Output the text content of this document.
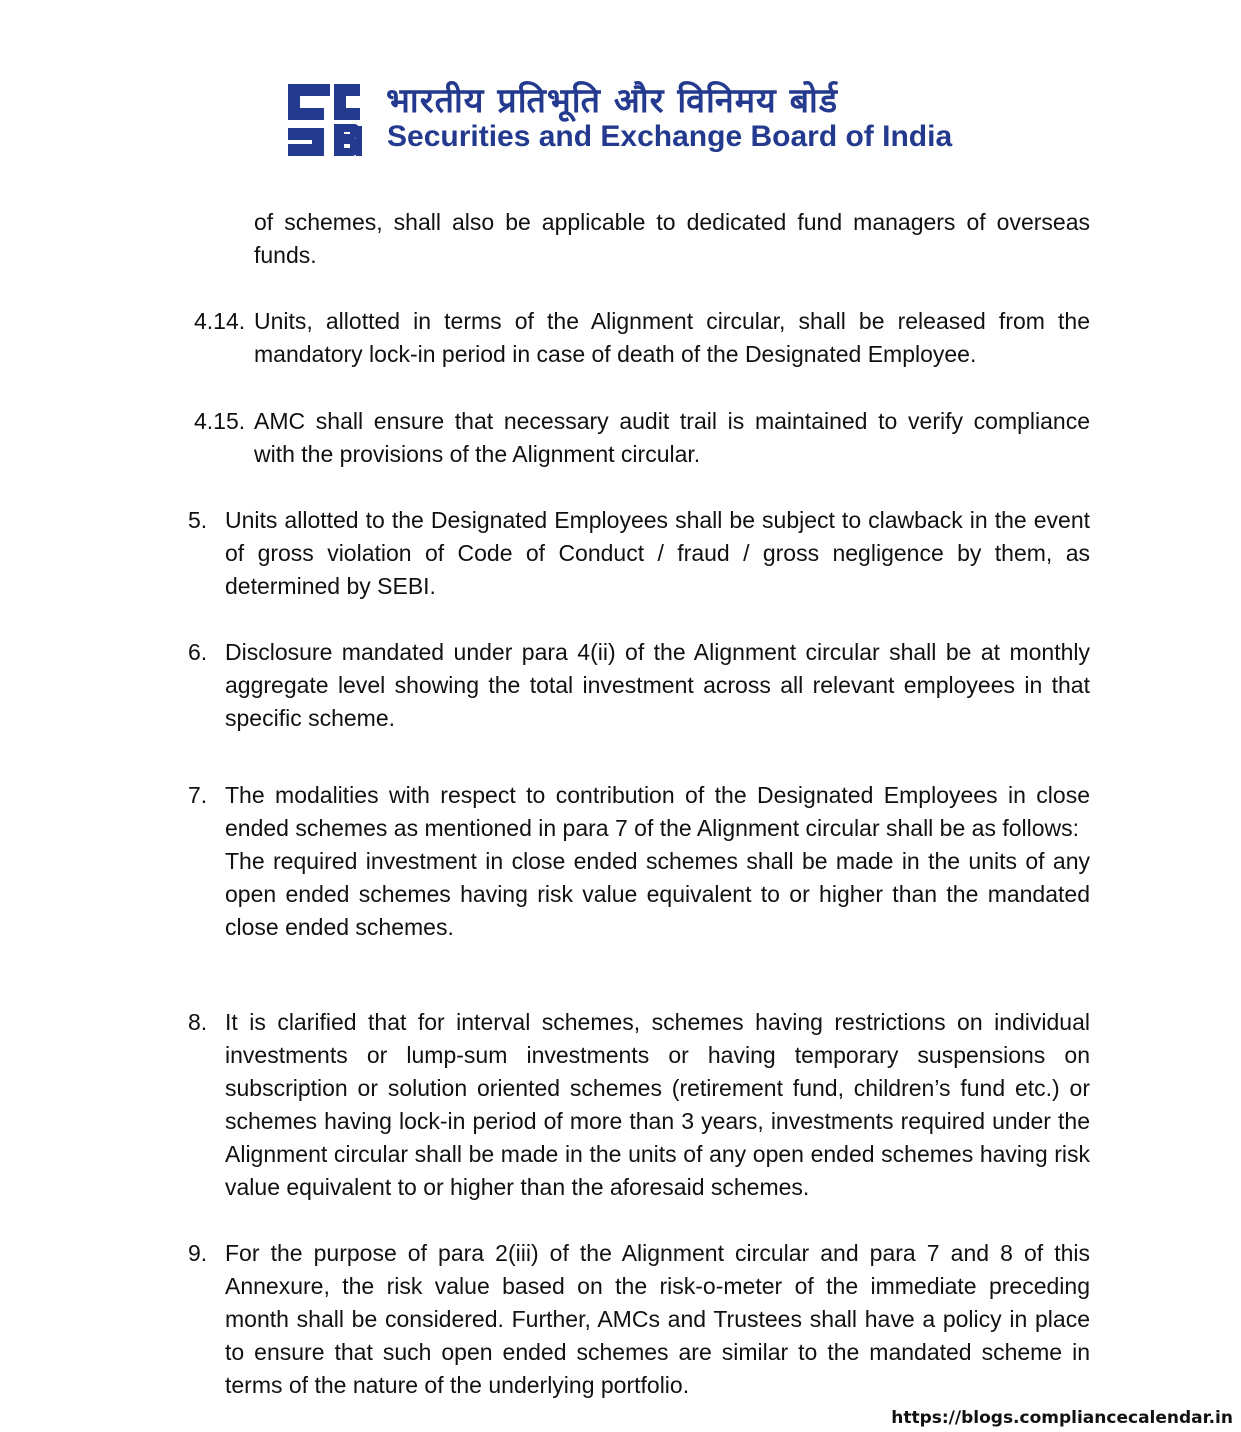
भारतीय प्रतिभूति और विनिमय बोर्ड
Securities and Exchange Board of India
of schemes, shall also be applicable to dedicated fund managers of overseas funds.
4.14. Units, allotted in terms of the Alignment circular, shall be released from the mandatory lock-in period in case of death of the Designated Employee.
4.15. AMC shall ensure that necessary audit trail is maintained to verify compliance with the provisions of the Alignment circular.
5. Units allotted to the Designated Employees shall be subject to clawback in the event of gross violation of Code of Conduct / fraud / gross negligence by them, as determined by SEBI.
6. Disclosure mandated under para 4(ii) of the Alignment circular shall be at monthly aggregate level showing the total investment across all relevant employees in that specific scheme.
7. The modalities with respect to contribution of the Designated Employees in close ended schemes as mentioned in para 7 of the Alignment circular shall be as follows:
The required investment in close ended schemes shall be made in the units of any open ended schemes having risk value equivalent to or higher than the mandated close ended schemes.
8. It is clarified that for interval schemes, schemes having restrictions on individual investments or lump-sum investments or having temporary suspensions on subscription or solution oriented schemes (retirement fund, children’s fund etc.) or schemes having lock-in period of more than 3 years, investments required under the Alignment circular shall be made in the units of any open ended schemes having risk value equivalent to or higher than the aforesaid schemes.
9. For the purpose of para 2(iii) of the Alignment circular and para 7 and 8 of this Annexure, the risk value based on the risk-o-meter of the immediate preceding month shall be considered. Further, AMCs and Trustees shall have a policy in place to ensure that such open ended schemes are similar to the mandated scheme in terms of the nature of the underlying portfolio.
https://blogs.compliancecalendar.in
